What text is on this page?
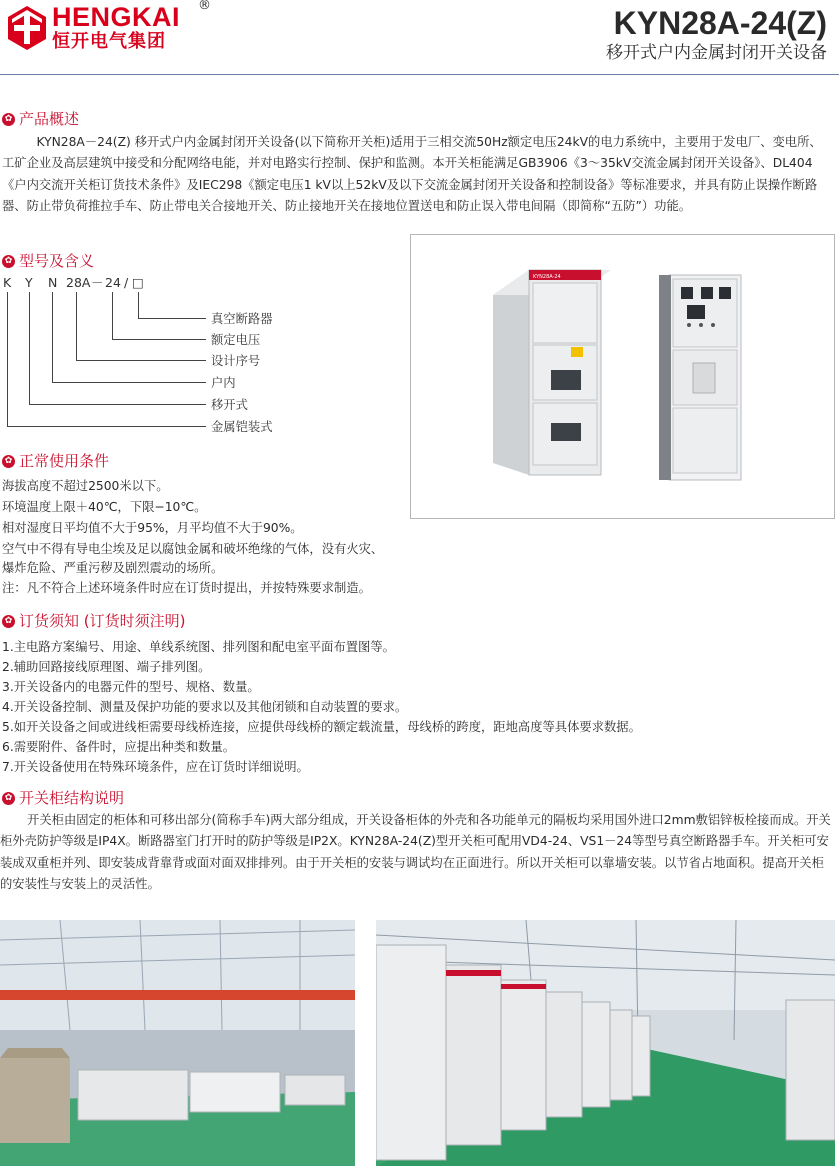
HENGKAI ®
恒开电气集团
KYN28A-24(Z)
移开式户内金属封闭开关设备
✿ 产品概述
KYN28A－24(Z) 移开式户内金属封闭开关设备(以下简称开关柜)适用于三相交流50Hz额定电压24kV的电力系统中，主要用于发电厂、变电所、工矿企业及高层建筑中接受和分配网络电能，并对电路实行控制、保护和监测。本开关柜能满足GB3906《3～35kV交流金属封闭开关设备》、DL404《户内交流开关柜订货技术条件》及IEC298《额定电压1 kV以上52kV及以下交流金属封闭开关设备和控制设备》等标准要求，并具有防止误操作断路器、防止带负荷推拉手车、防止带电关合接地开关、防止接地开关在接地位置送电和防止误入带电间隔（即简称“五防”）功能。
✿ 型号及含义
K Y N 28A － 24 / □
真空断路器
额定电压
设计序号
户内
移开式
金属铠装式
KYN28A-24
✿ 正常使用条件
海拔高度不超过2500米以下。
环境温度上限＋40℃，下限−10℃。
相对湿度日平均值不大于95%，月平均值不大于90%。
空气中不得有导电尘埃及足以腐蚀金属和破坏绝缘的气体，没有火灾、
爆炸危险、严重污秽及剧烈震动的场所。
注：凡不符合上述环境条件时应在订货时提出，并按特殊要求制造。
✿ 订货须知 (订货时须注明)
1.主电路方案编号、用途、单线系统图、排列图和配电室平面布置图等。
2.辅助回路接线原理图、端子排列图。
3.开关设备内的电器元件的型号、规格、数量。
4.开关设备控制、测量及保护功能的要求以及其他闭锁和自动装置的要求。
5.如开关设备之间或进线柜需要母线桥连接，应提供母线桥的额定载流量，母线桥的跨度，距地高度等具体要求数据。
6.需要附件、备件时，应提出种类和数量。
7.开关设备使用在特殊环境条件，应在订货时详细说明。
✿ 开关柜结构说明
开关柜由固定的柜体和可移出部分(简称手车)两大部分组成，开关设备柜体的外壳和各功能单元的隔板均采用国外进口2mm敷铝锌板栓接而成。开关柜外壳防护等级是IP4X。断路器室门打开时的防护等级是IP2X。KYN28A-24(Z)型开关柜可配用VD4-24、VS1－24等型号真空断路器手车。开关柜可安装成双重柜并列、即安装成背靠背或面对面双排排列。由于开关柜的安装与调试均在正面进行。所以开关柜可以靠墙安装。以节省占地面积。提高开关柜的安装性与安装上的灵活性。
